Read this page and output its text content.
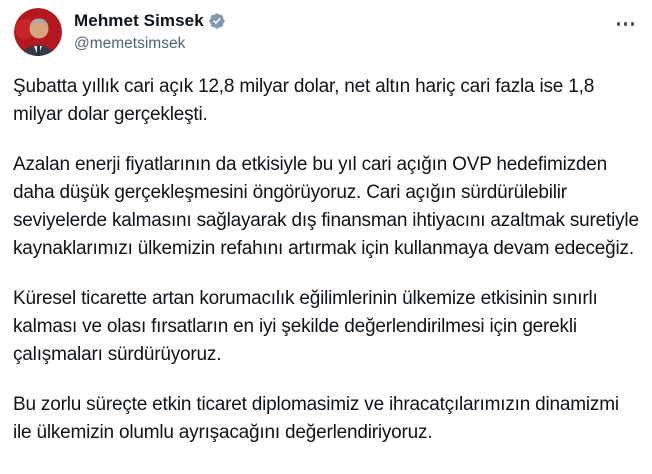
Mehmet Simsek
@memetsimsek

Şubatta yıllık cari açık 12,8 milyar dolar, net altın hariç cari fazla ise 1,8 milyar dolar gerçekleşti.

Azalan enerji fiyatlarının da etkisiyle bu yıl cari açığın OVP hedefimizden daha düşük gerçekleşmesini öngörüyoruz. Cari açığın sürdürülebilir seviyelerde kalmasını sağlayarak dış finansman ihtiyacını azaltmak suretiyle kaynaklarımızı ülkemizin refahını artırmak için kullanmaya devam edeceğiz.

Küresel ticarette artan korumacılık eğilimlerinin ülkemize etkisinin sınırlı kalması ve olası fırsatların en iyi şekilde değerlendirilmesi için gerekli çalışmaları sürdürüyoruz.

Bu zorlu süreçte etkin ticaret diplomasimiz ve ihracatçılarımızın dinamizmi ile ülkemizin olumlu ayrışacağını değerlendiriyoruz.
